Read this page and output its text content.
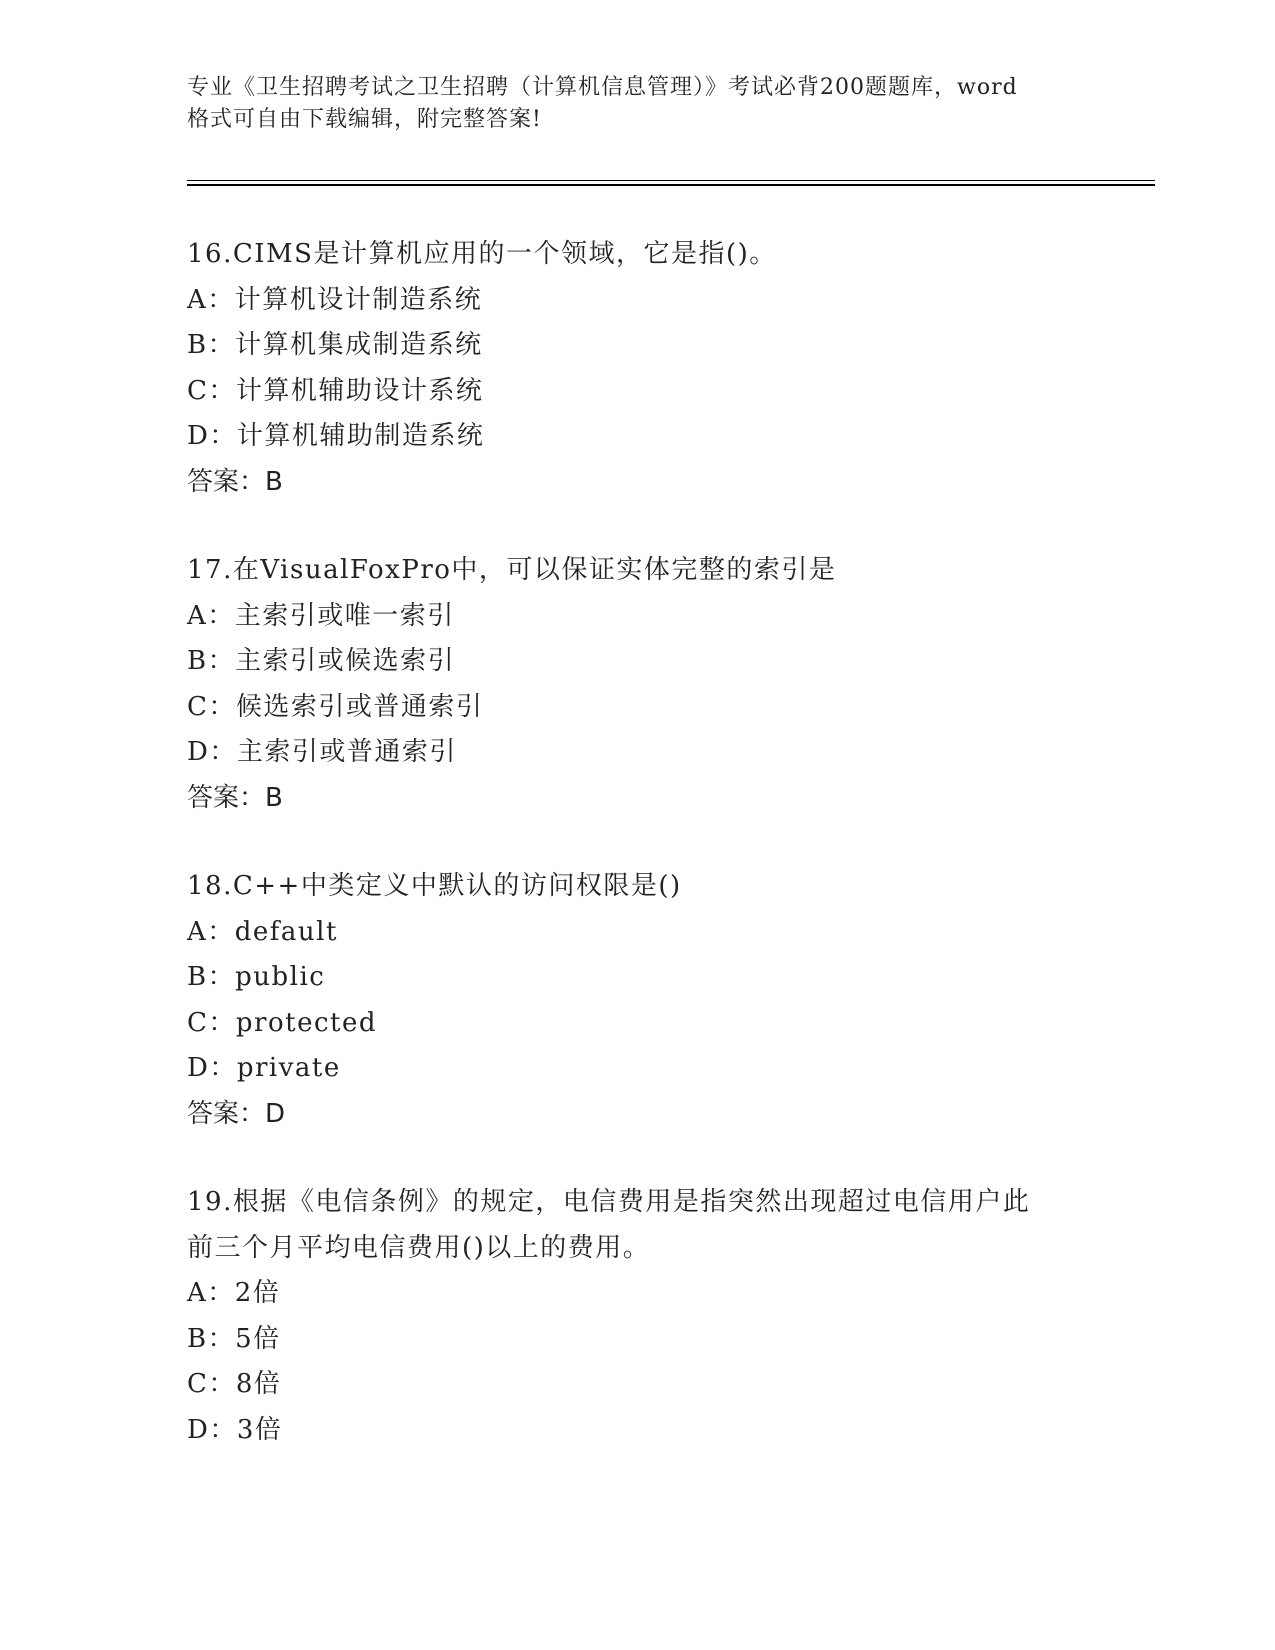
专业《卫生招聘考试之卫生招聘（计算机信息管理）》考试必背200题题库，word
格式可自由下载编辑，附完整答案!
16.CIMS是计算机应用的一个领域，它是指()。
A：计算机设计制造系统
B：计算机集成制造系统
C：计算机辅助设计系统
D：计算机辅助制造系统
答案：B
17.在VisualFoxPro中，可以保证实体完整的索引是
A：主索引或唯一索引
B：主索引或候选索引
C：候选索引或普通索引
D：主索引或普通索引
答案：B
18.C++中类定义中默认的访问权限是()
A：default
B：public
C：protected
D：private
答案：D
19.根据《电信条例》的规定，电信费用是指突然出现超过电信用户此前三个月平均电信费用()以上的费用。
A：2倍
B：5倍
C：8倍
D：3倍
